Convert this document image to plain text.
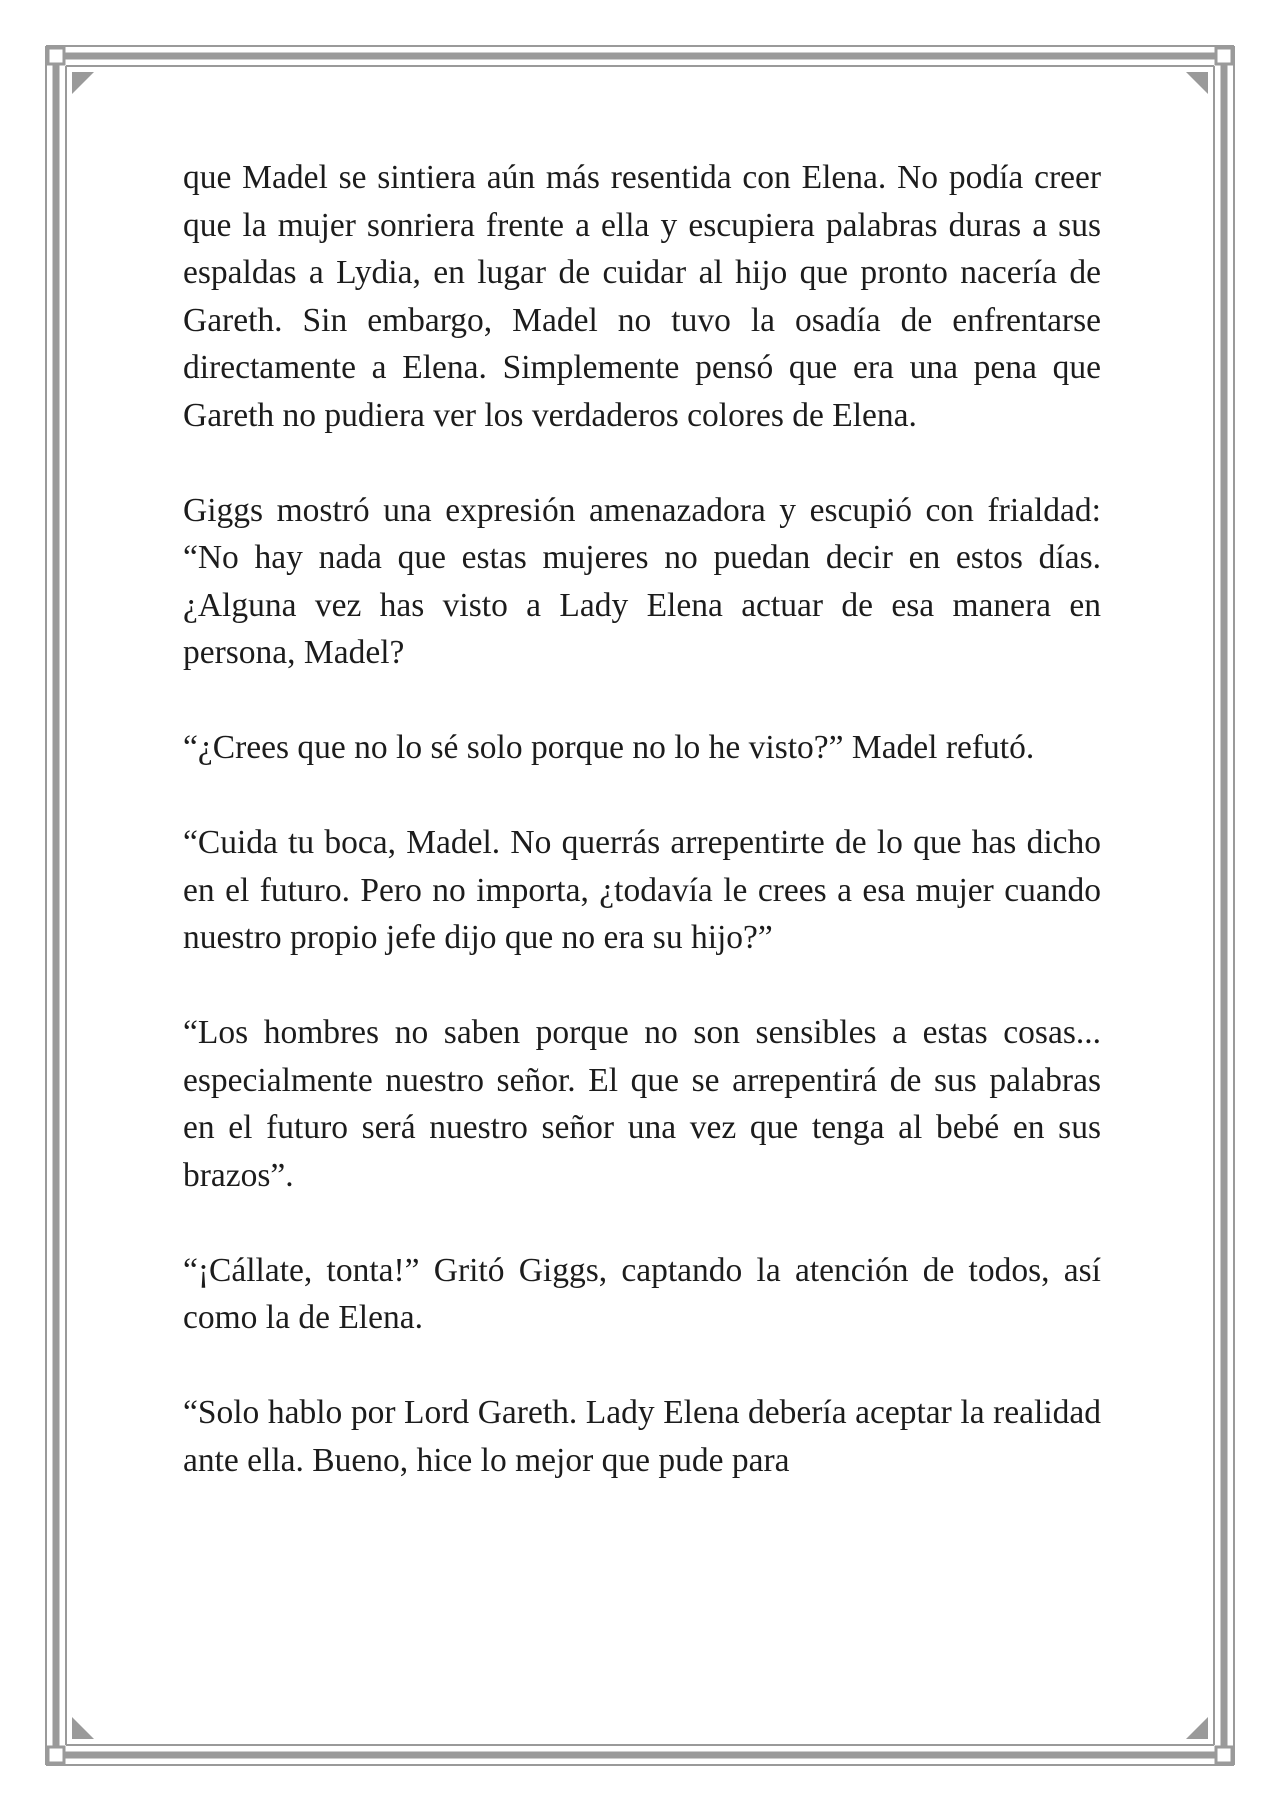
que Madel se sintiera aún más resentida con Elena. No podía creer que la mujer sonriera frente a ella y escupiera palabras duras a sus espaldas a Lydia, en lugar de cuidar al hijo que pronto nacería de Gareth. Sin embargo, Madel no tuvo la osadía de enfrentarse directamente a Elena. Simplemente pensó que era una pena que Gareth no pudiera ver los verdaderos colores de Elena.

Giggs mostró una expresión amenazadora y escupió con frialdad: “No hay nada que estas mujeres no puedan decir en estos días. ¿Alguna vez has visto a Lady Elena actuar de esa manera en persona, Madel?

“¿Crees que no lo sé solo porque no lo he visto?” Madel refutó.

“Cuida tu boca, Madel. No querrás arrepentirte de lo que has dicho en el futuro. Pero no importa, ¿todavía le crees a esa mujer cuando nuestro propio jefe dijo que no era su hijo?”

“Los hombres no saben porque no son sensibles a estas cosas... especialmente nuestro señor. El que se arrepentirá de sus palabras en el futuro será nuestro señor una vez que tenga al bebé en sus brazos”.

“¡Cállate, tonta!” Gritó Giggs, captando la atención de todos, así como la de Elena.

“Solo hablo por Lord Gareth. Lady Elena debería aceptar la realidad ante ella. Bueno, hice lo mejor que pude para
